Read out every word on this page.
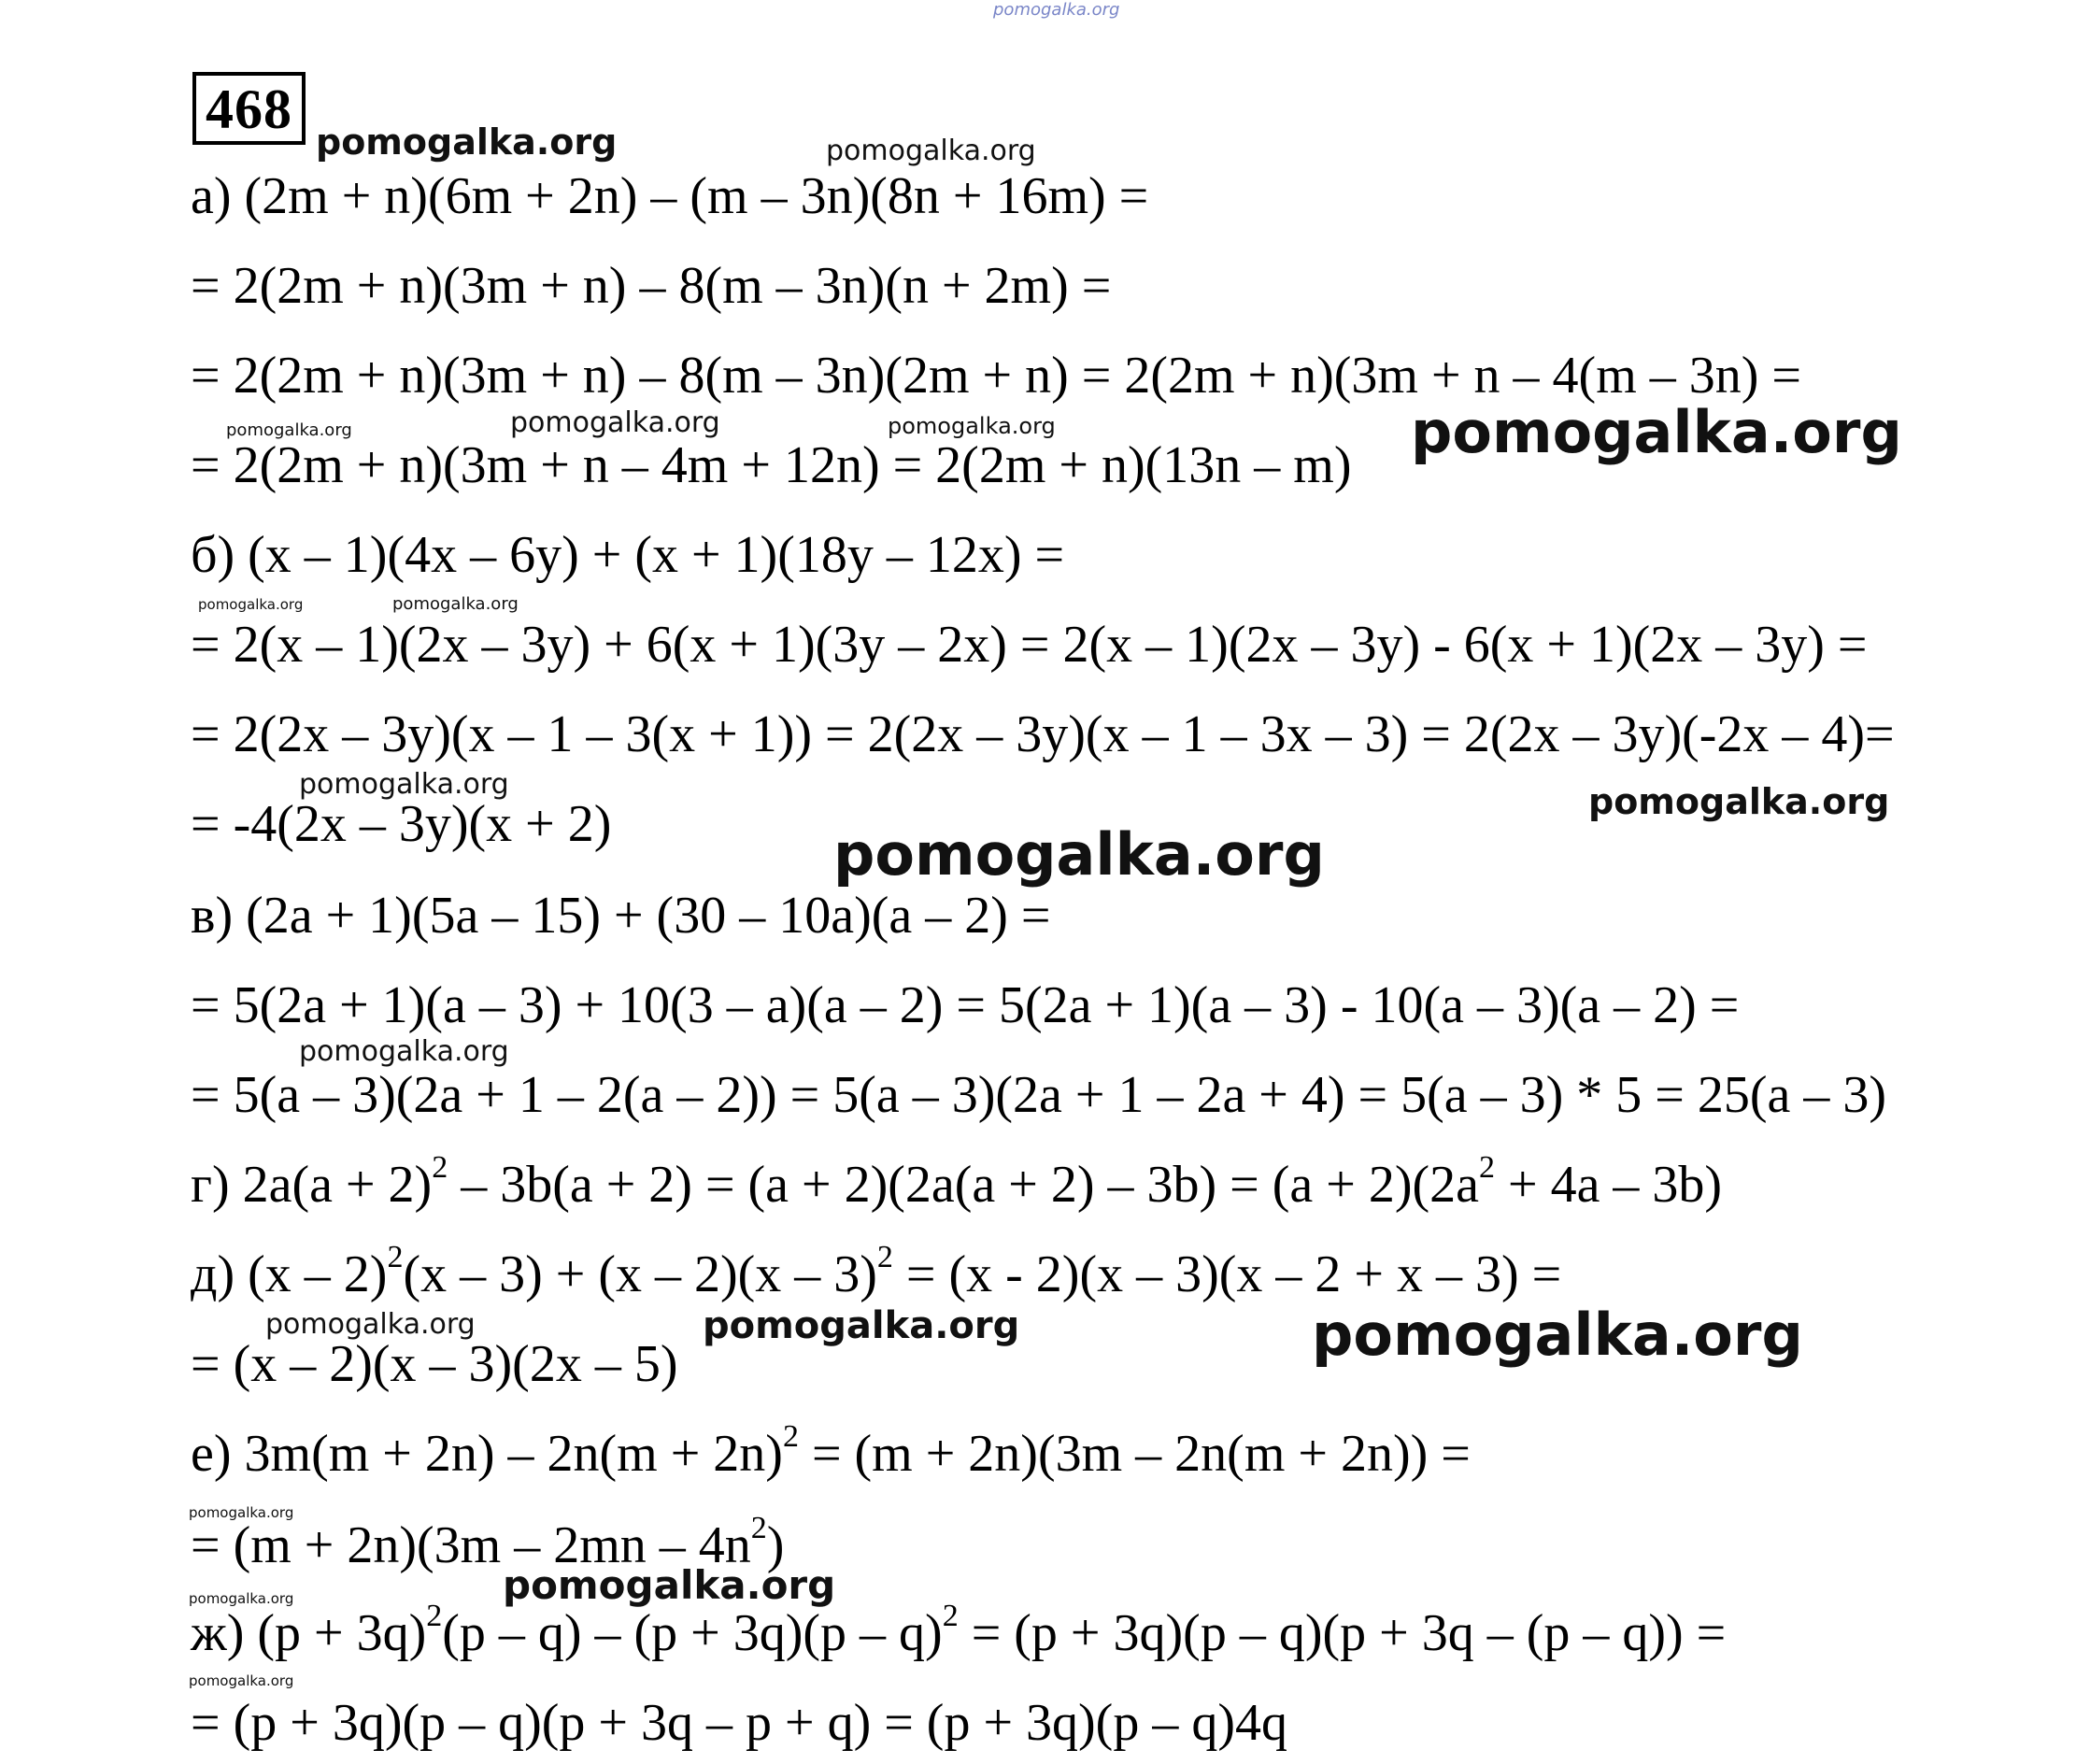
pomogalka.org
468
а) (2m + n)(6m + 2n) – (m – 3n)(8n + 16m) =
= 2(2m + n)(3m + n) – 8(m – 3n)(n + 2m) =
= 2(2m + n)(3m + n) – 8(m – 3n)(2m + n) = 2(2m + n)(3m + n – 4(m – 3n) =
= 2(2m + n)(3m + n – 4m + 12n) = 2(2m + n)(13n – m)
б) (x – 1)(4x – 6y) + (x + 1)(18y – 12x) =
= 2(x – 1)(2x – 3y) + 6(x + 1)(3y – 2x) = 2(x – 1)(2x – 3y) - 6(x + 1)(2x – 3y) =
= 2(2x – 3y)(x – 1 – 3(x + 1)) = 2(2x – 3y)(x – 1 – 3x – 3) = 2(2x – 3y)(-2x – 4)=
= -4(2x – 3y)(x + 2)
в) (2a + 1)(5a – 15) + (30 – 10a)(a – 2) =
= 5(2a + 1)(a – 3) + 10(3 – a)(a – 2) = 5(2a + 1)(a – 3) - 10(a – 3)(a – 2) =
= 5(a – 3)(2a + 1 – 2(a – 2)) = 5(a – 3)(2a + 1 – 2a + 4) = 5(a – 3) * 5 = 25(a – 3)
г) $2a(a + 2)^2 - 3b(a + 2) = (a + 2)(2a(a + 2) - 3b) = (a + 2)(2a^2 + 4a - 3b)$
д) (x – 2)$^2$(x – 3) + (x – 2)(x – 3)$^2$ = (x - 2)(x – 3)(x – 2 + x – 3) =
= (x – 2)(x – 3)(2x – 5)
е) $3m(m + 2n) - 2n(m + 2n)^2 = (m + 2n)(3m - 2n(m + 2n))$ =
= $(m + 2n)(3m - 2mn - 4n^2)$
ж) $(p + 3q)^2(p - q) - (p + 3q)(p - q)^2 = (p + 3q)(p - q)(p + 3q - (p - q))$ =
= (p + 3q)(p – q)(p + 3q – p + q) = (p + 3q)(p – q)4q
pomogalka.org	pomogalka.org
pomogalka.org	pomogalka.org	pomogalka.org	pomogalka.org
pomogalka.org	pomogalka.org
pomogalka.org	pomogalka.org
pomogalka.org
pomogalka.org
pomogalka.org	pomogalka.org	pomogalka.org
pomogalka.org
pomogalka.org
pomogalka.org
pomogalka.org
